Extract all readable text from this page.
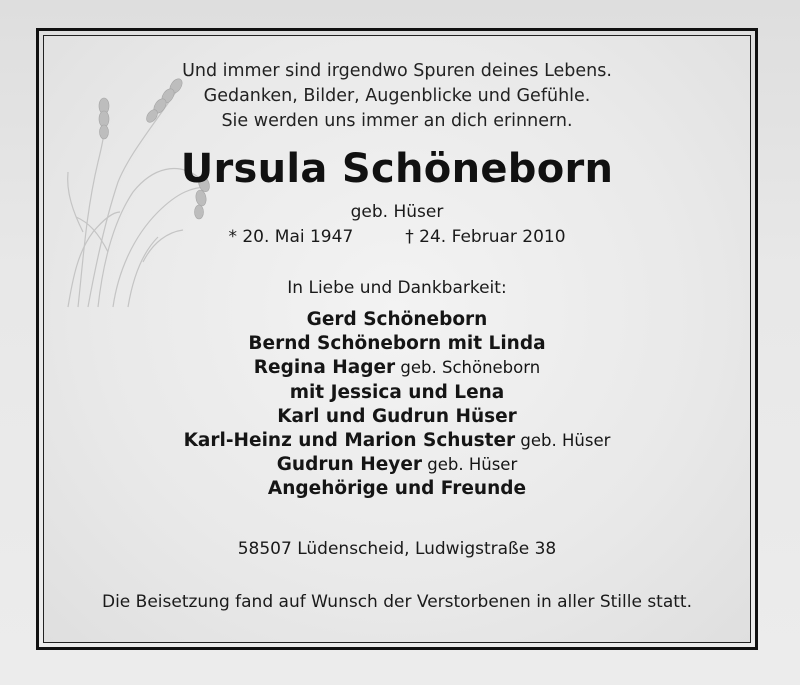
Und immer sind irgendwo Spuren deines Lebens.
Gedanken, Bilder, Augenblicke und Gefühle.
Sie werden uns immer an dich erinnern.
Ursula Schöneborn
geb. Hüser
* 20. Mai 1947	† 24. Februar 2010
In Liebe und Dankbarkeit:
Gerd Schöneborn
Bernd Schöneborn mit Linda
Regina Hager geb. Schöneborn
mit Jessica und Lena
Karl und Gudrun Hüser
Karl-Heinz und Marion Schuster geb. Hüser
Gudrun Heyer geb. Hüser
Angehörige und Freunde
58507 Lüdenscheid, Ludwigstraße 38
Die Beisetzung fand auf Wunsch der Verstorbenen in aller Stille statt.
